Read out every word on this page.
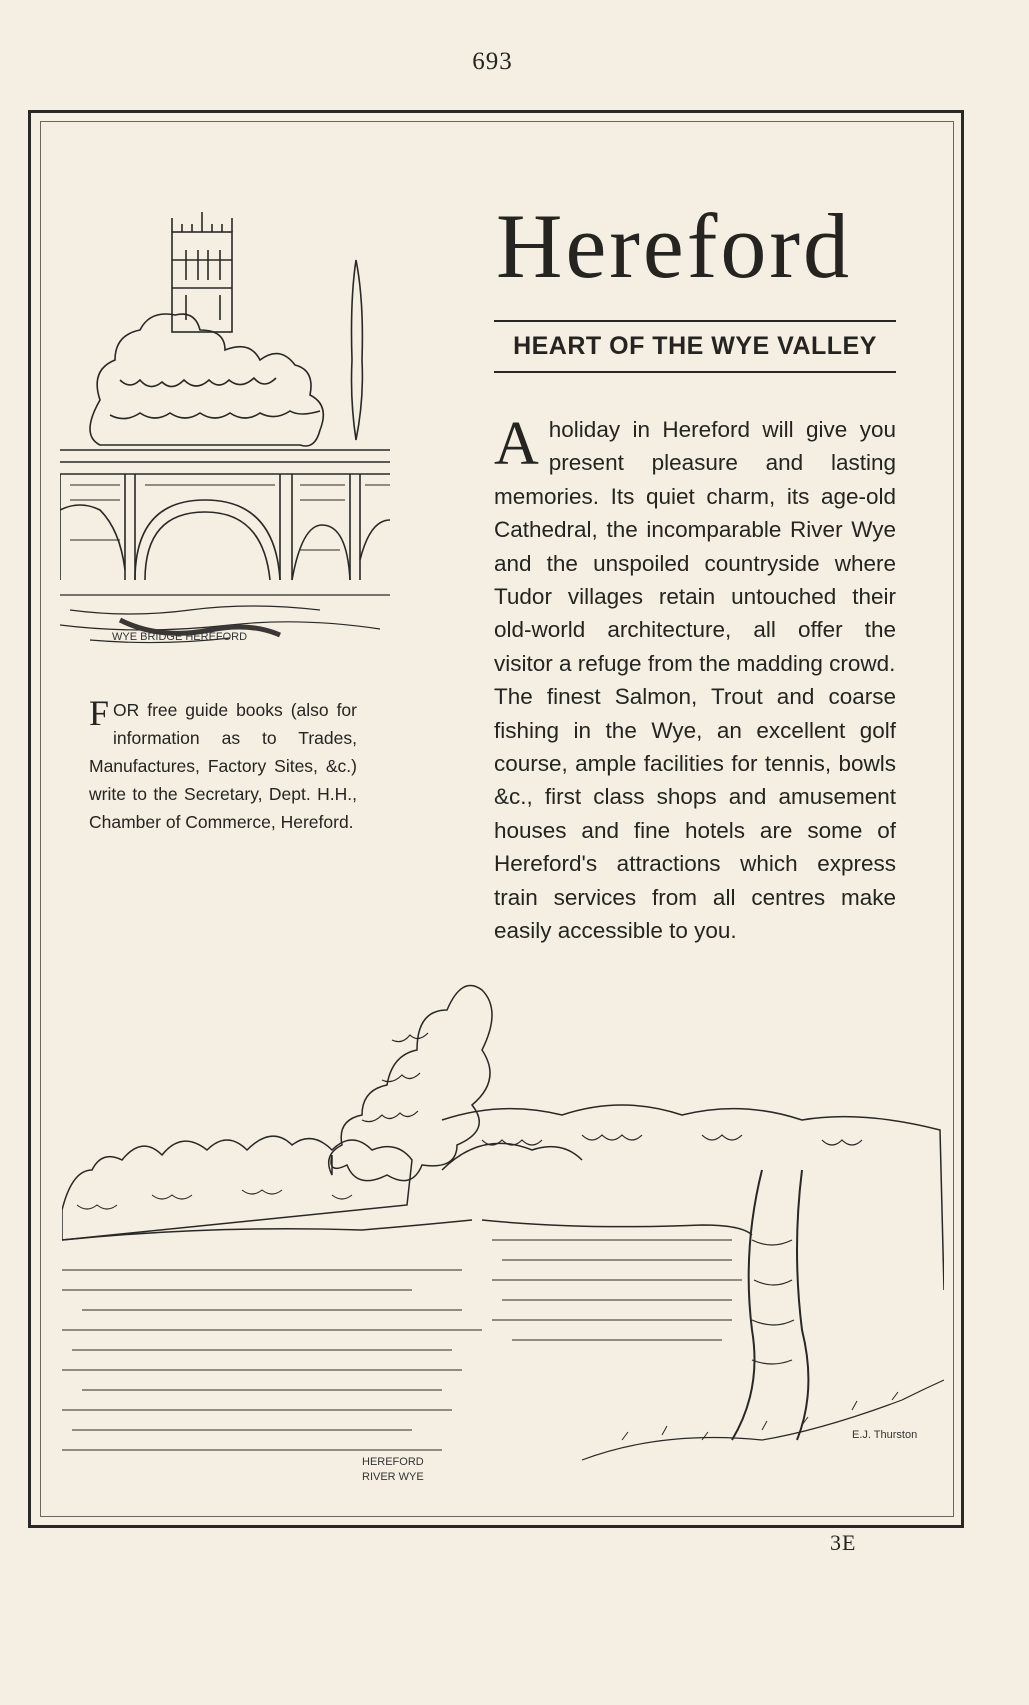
693
WYE BRIDGE HEREFORD
Hereford
HEART OF THE WYE VALLEY

Aholiday in Hereford will give you present pleasure and lasting memories. Its quiet charm, its age-old Cathedral, the incomparable River Wye and the unspoiled countryside where Tudor villages retain untouched their old-world architecture, all offer the visitor a refuge from the madding crowd.

The finest Salmon, Trout and coarse fishing in the Wye, an excellent golf course, ample facilities for tennis, bowls &c., first class shops and amusement houses and fine hotels are some of Hereford's attractions which express train services from all centres make easily accessible to you.

FOR free guide books (also for information as to Trades, Manufactures, Factory Sites, &c.) write to the Secretary, Dept. H.H., Chamber of Commerce, Hereford.
HEREFORD
RIVER WYE
E.J. Thurston
3E
